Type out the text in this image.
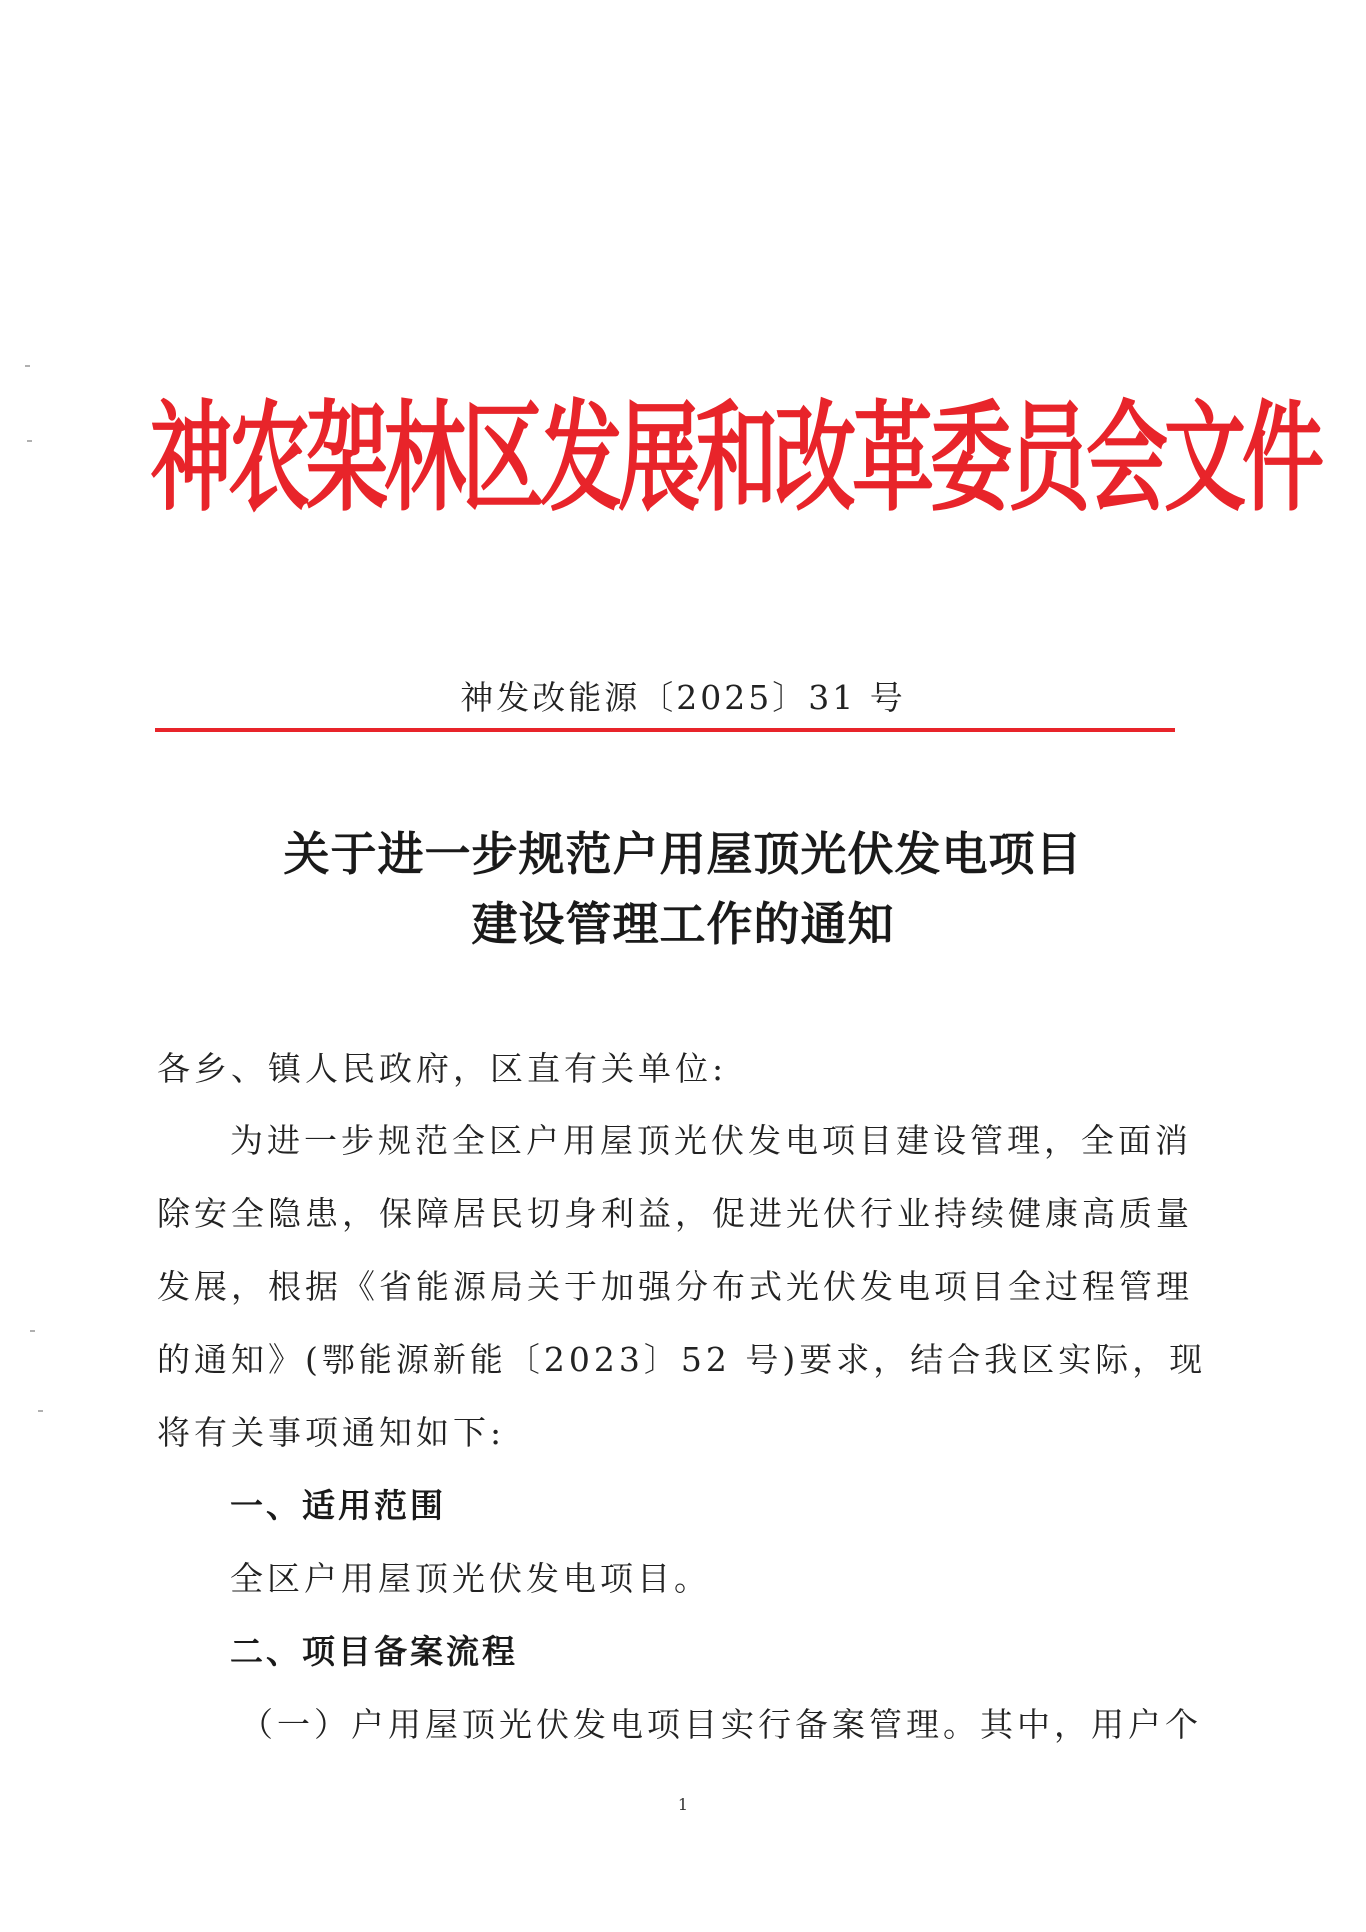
神农架林区发展和改革委员会文件
神发改能源〔2025〕31 号
关于进一步规范户用屋顶光伏发电项目
建设管理工作的通知
各乡、镇人民政府，区直有关单位:
为进一步规范全区户用屋顶光伏发电项目建设管理，全面消
除安全隐患，保障居民切身利益，促进光伏行业持续健康高质量
发展，根据《省能源局关于加强分布式光伏发电项目全过程管理
的通知》(鄂能源新能〔2023〕52 号)要求，结合我区实际，现
将有关事项通知如下:
一、适用范围
全区户用屋顶光伏发电项目。
二、项目备案流程
（一）户用屋顶光伏发电项目实行备案管理。其中，用户个
1
